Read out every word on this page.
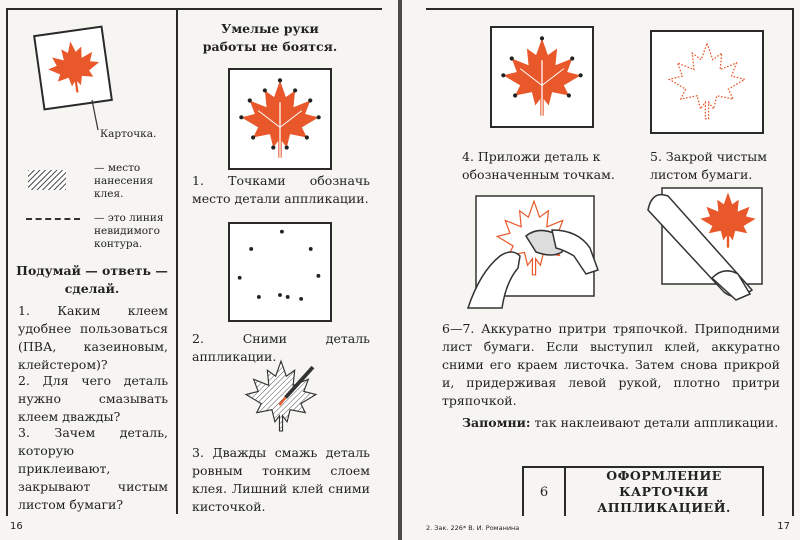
Карточка.

— место нанесения клея.

— это линия невидимого контура.

Подумай — ответь — сделай.

1. Каким клеем удобнее пользоваться (ПВА, казеиновым, клейстером)?

2. Для чего деталь нужно смазывать клеем дважды?

3. Зачем деталь, которую приклеивают, закрывают чистым листом бумаги?

Умелые руки работы не боятся.

1. Точками обозначь место детали аппликации.

2. Сними деталь аппликации.

3. Дважды смажь деталь ровным тонким слоем клея. Лишний клей сними кисточкой.

16

4. Приложи деталь к обозначенным точкам.

5. Закрой чистым листом бумаги.

6—7. Аккуратно притри тряпочкой. Приподними лист бумаги. Если выступил клей, аккуратно сними его краем листочка. Затем снова прикрой и, придерживая левой рукой, плотно притри тряпочкой.

Запомни: так наклеивают детали аппликации.

6
ОФОРМЛЕНИЕ КАРТОЧКИ АППЛИКАЦИЕЙ.
2. Зак. 226* В. И. Романина	17
